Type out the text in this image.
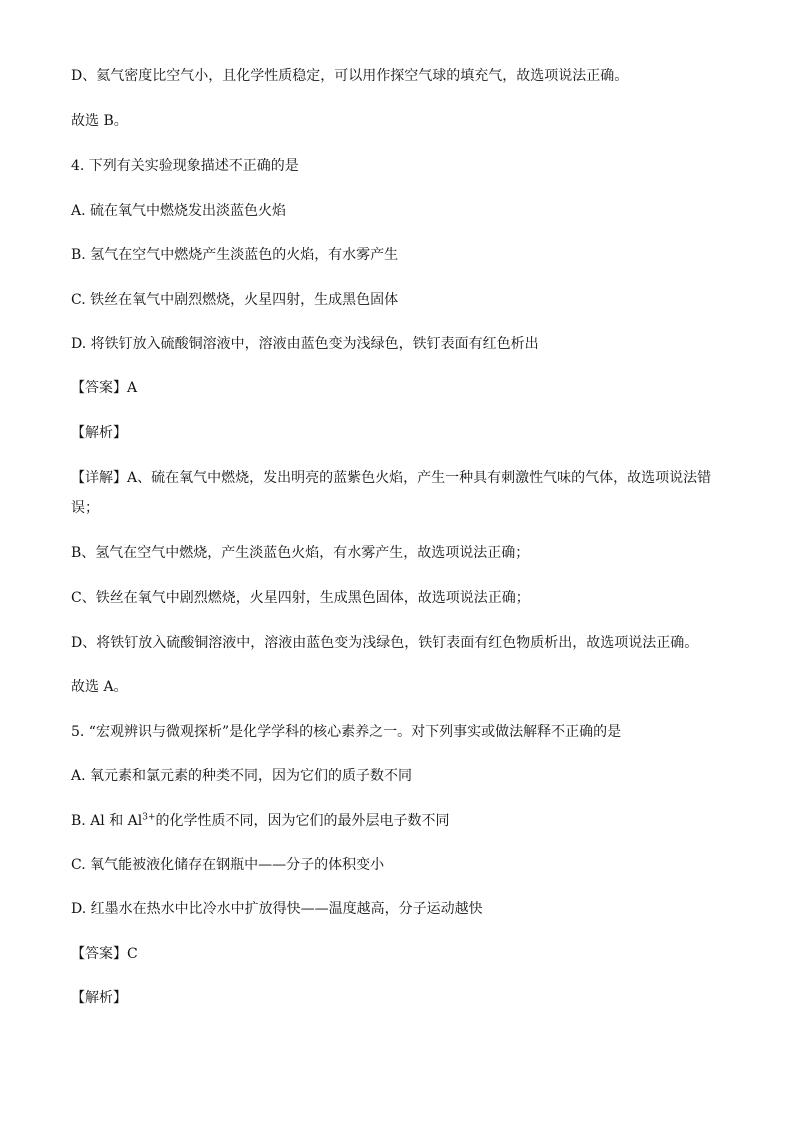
D、氦气密度比空气小，且化学性质稳定，可以用作探空气球的填充气，故选项说法正确。
故选 B。
4. 下列有关实验现象描述不正确的是
A. 硫在氧气中燃烧发出淡蓝色火焰
B. 氢气在空气中燃烧产生淡蓝色的火焰，有水雾产生
C. 铁丝在氧气中剧烈燃烧，火星四射，生成黑色固体
D. 将铁钉放入硫酸铜溶液中，溶液由蓝色变为浅绿色，铁钉表面有红色析出
【答案】A
【解析】
【详解】A、硫在氧气中燃烧，发出明亮的蓝紫色火焰，产生一种具有刺激性气味的气体，故选项说法错误；
B、氢气在空气中燃烧，产生淡蓝色火焰，有水雾产生，故选项说法正确；
C、铁丝在氧气中剧烈燃烧，火星四射，生成黑色固体，故选项说法正确；
D、将铁钉放入硫酸铜溶液中，溶液由蓝色变为浅绿色，铁钉表面有红色物质析出，故选项说法正确。
故选 A。
5. “宏观辨识与微观探析”是化学学科的核心素养之一。对下列事实或做法解释不正确的是
A. 氧元素和氯元素的种类不同，因为它们的质子数不同
B. Al 和 $Al^{3+}$的化学性质不同，因为它们的最外层电子数不同
C. 氧气能被液化储存在钢瓶中——分子的体积变小
D. 红墨水在热水中比冷水中扩放得快——温度越高，分子运动越快
【答案】C
【解析】
